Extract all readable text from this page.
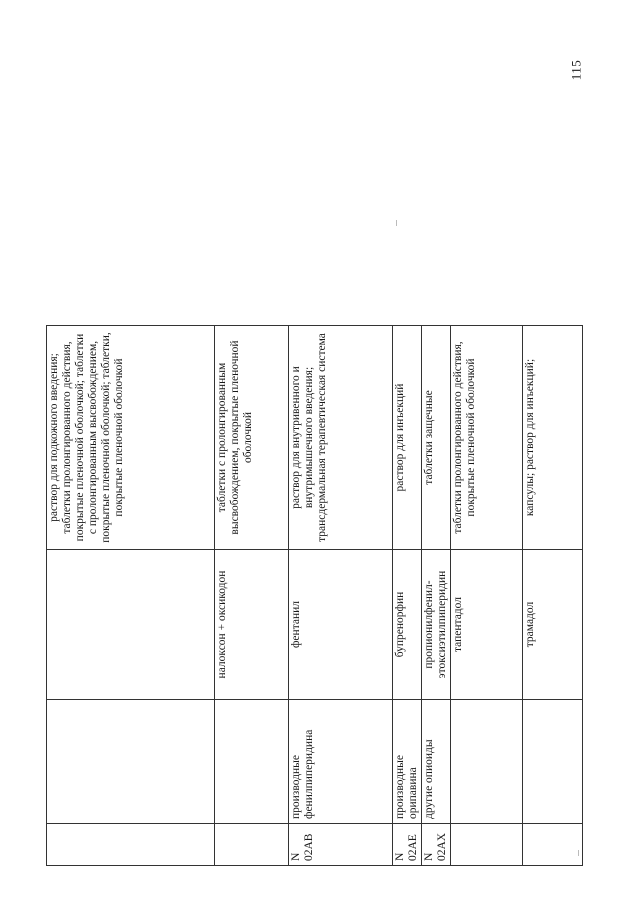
115
			раствор для подкожного введения; таблетки пролонгированного действия, покрытые пленочной оболочкой; таблетки с пролонгированным высвобождением, покрытые пленочной оболочкой; таблетки, покрытые пленочной оболочкой
		налоксон + оксикодон	таблетки с пролонгированным высвобождением, покрытые пленочной оболочкой
N 02AB	производные фенилпиперидина	фентанил	раствор для внутривенного и внутримышечного введения; трансдермальная терапевтическая система
N 02AE	производные орипавина	бупренорфин	раствор для инъекций
N 02AX	другие опиоиды	пропионилфенил-этоксиэтилпиперидин	таблетки защечные
		тапентадол	таблетки пролонгированного действия, покрытые пленочной оболочкой
		трамадол	капсулы; раствор для инъекций;
